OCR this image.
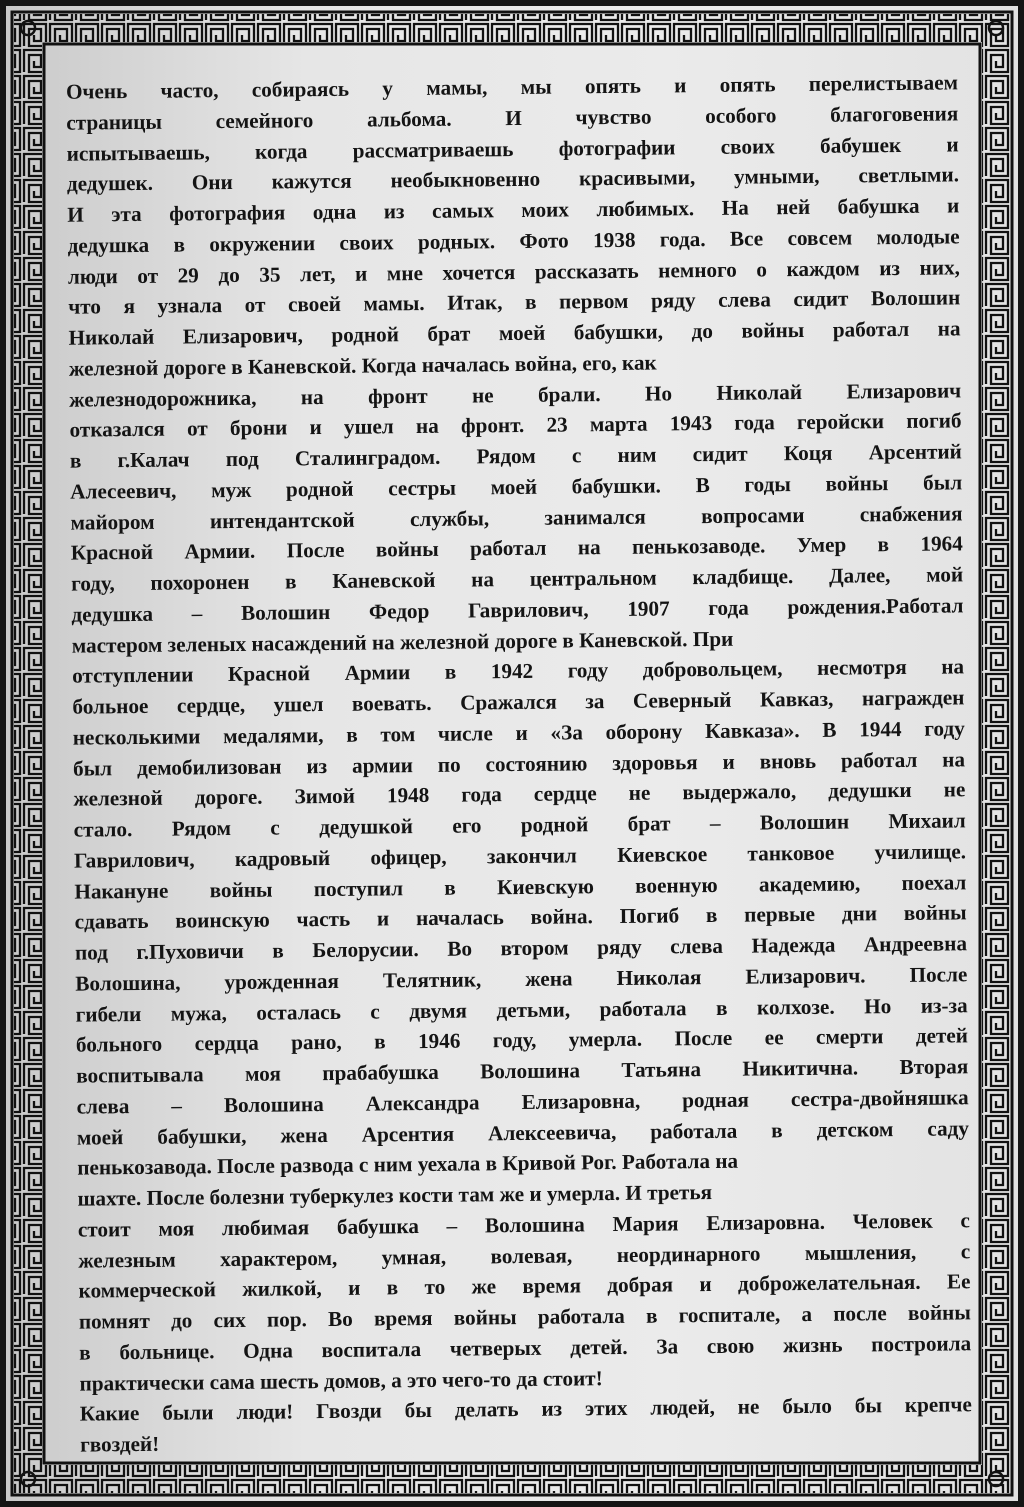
Очень часто, собираясь у мамы, мы опять и опять перелистываем
страницы семейного альбома. И чувство особого благоговения
испытываешь, когда рассматриваешь фотографии своих бабушек и
дедушек. Они кажутся необыкновенно красивыми, умными, светлыми.
И эта фотография одна из самых моих любимых. На ней бабушка и
дедушка в окружении своих родных. Фото 1938 года. Все совсем молодые
люди от 29 до 35 лет, и мне хочется рассказать немного о каждом из них,
что я узнала от своей мамы. Итак, в первом ряду слева сидит Волошин
Николай Елизарович, родной брат моей бабушки, до войны работал на
железной дороге в Каневской. Когда началась война, его, как
железнодорожника, на фронт не брали. Но Николай Елизарович
отказался от брони и ушел на фронт. 23 марта 1943 года геройски погиб
в г.Калач под Сталинградом. Рядом с ним сидит Коця Арсентий
Алесеевич, муж родной сестры моей бабушки. В годы войны был
майором интендантской службы, занимался вопросами снабжения
Красной Армии. После войны работал на пенькозаводе. Умер в 1964
году, похоронен в Каневской на центральном кладбище. Далее, мой
дедушка – Волошин Федор Гаврилович, 1907 года рождения.Работал
мастером зеленых насаждений на железной дороге в Каневской. При
отступлении Красной Армии в 1942 году добровольцем, несмотря на
больное сердце, ушел воевать. Сражался за Северный Кавказ, награжден
несколькими медалями, в том числе и «За оборону Кавказа». В 1944 году
был демобилизован из армии по состоянию здоровья и вновь работал на
железной дороге. Зимой 1948 года сердце не выдержало, дедушки не
стало. Рядом с дедушкой его родной брат – Волошин Михаил
Гаврилович, кадровый офицер, закончил Киевское танковое училище.
Накануне войны поступил в Киевскую военную академию, поехал
сдавать воинскую часть и началась война. Погиб в первые дни войны
под г.Пуховичи в Белорусии. Во втором ряду слева Надежда Андреевна
Волошина, урожденная Телятник, жена Николая Елизарович. После
гибели мужа, осталась с двумя детьми, работала в колхозе. Но из-за
больного сердца рано, в 1946 году, умерла. После ее смерти детей
воспитывала моя прабабушка Волошина Татьяна Никитична. Вторая
слева – Волошина Александра Елизаровна, родная сестра-двойняшка
моей бабушки, жена Арсентия Алексеевича, работала в детском саду
пенькозавода. После развода с ним уехала в Кривой Рог. Работала на
шахте. После болезни туберкулез кости там же и умерла. И третья
стоит моя любимая бабушка – Волошина Мария Елизаровна. Человек с
железным характером, умная, волевая, неординарного мышления, с
коммерческой жилкой, и в то же время добрая и доброжелательная. Ее
помнят до сих пор. Во время войны работала в госпитале, а после войны
в больнице. Одна воспитала четверых детей. За свою жизнь построила
практически сама шесть домов, а это чего-то да стоит!
Какие были люди! Гвозди бы делать из этих людей, не было бы крепче
гвоздей!
